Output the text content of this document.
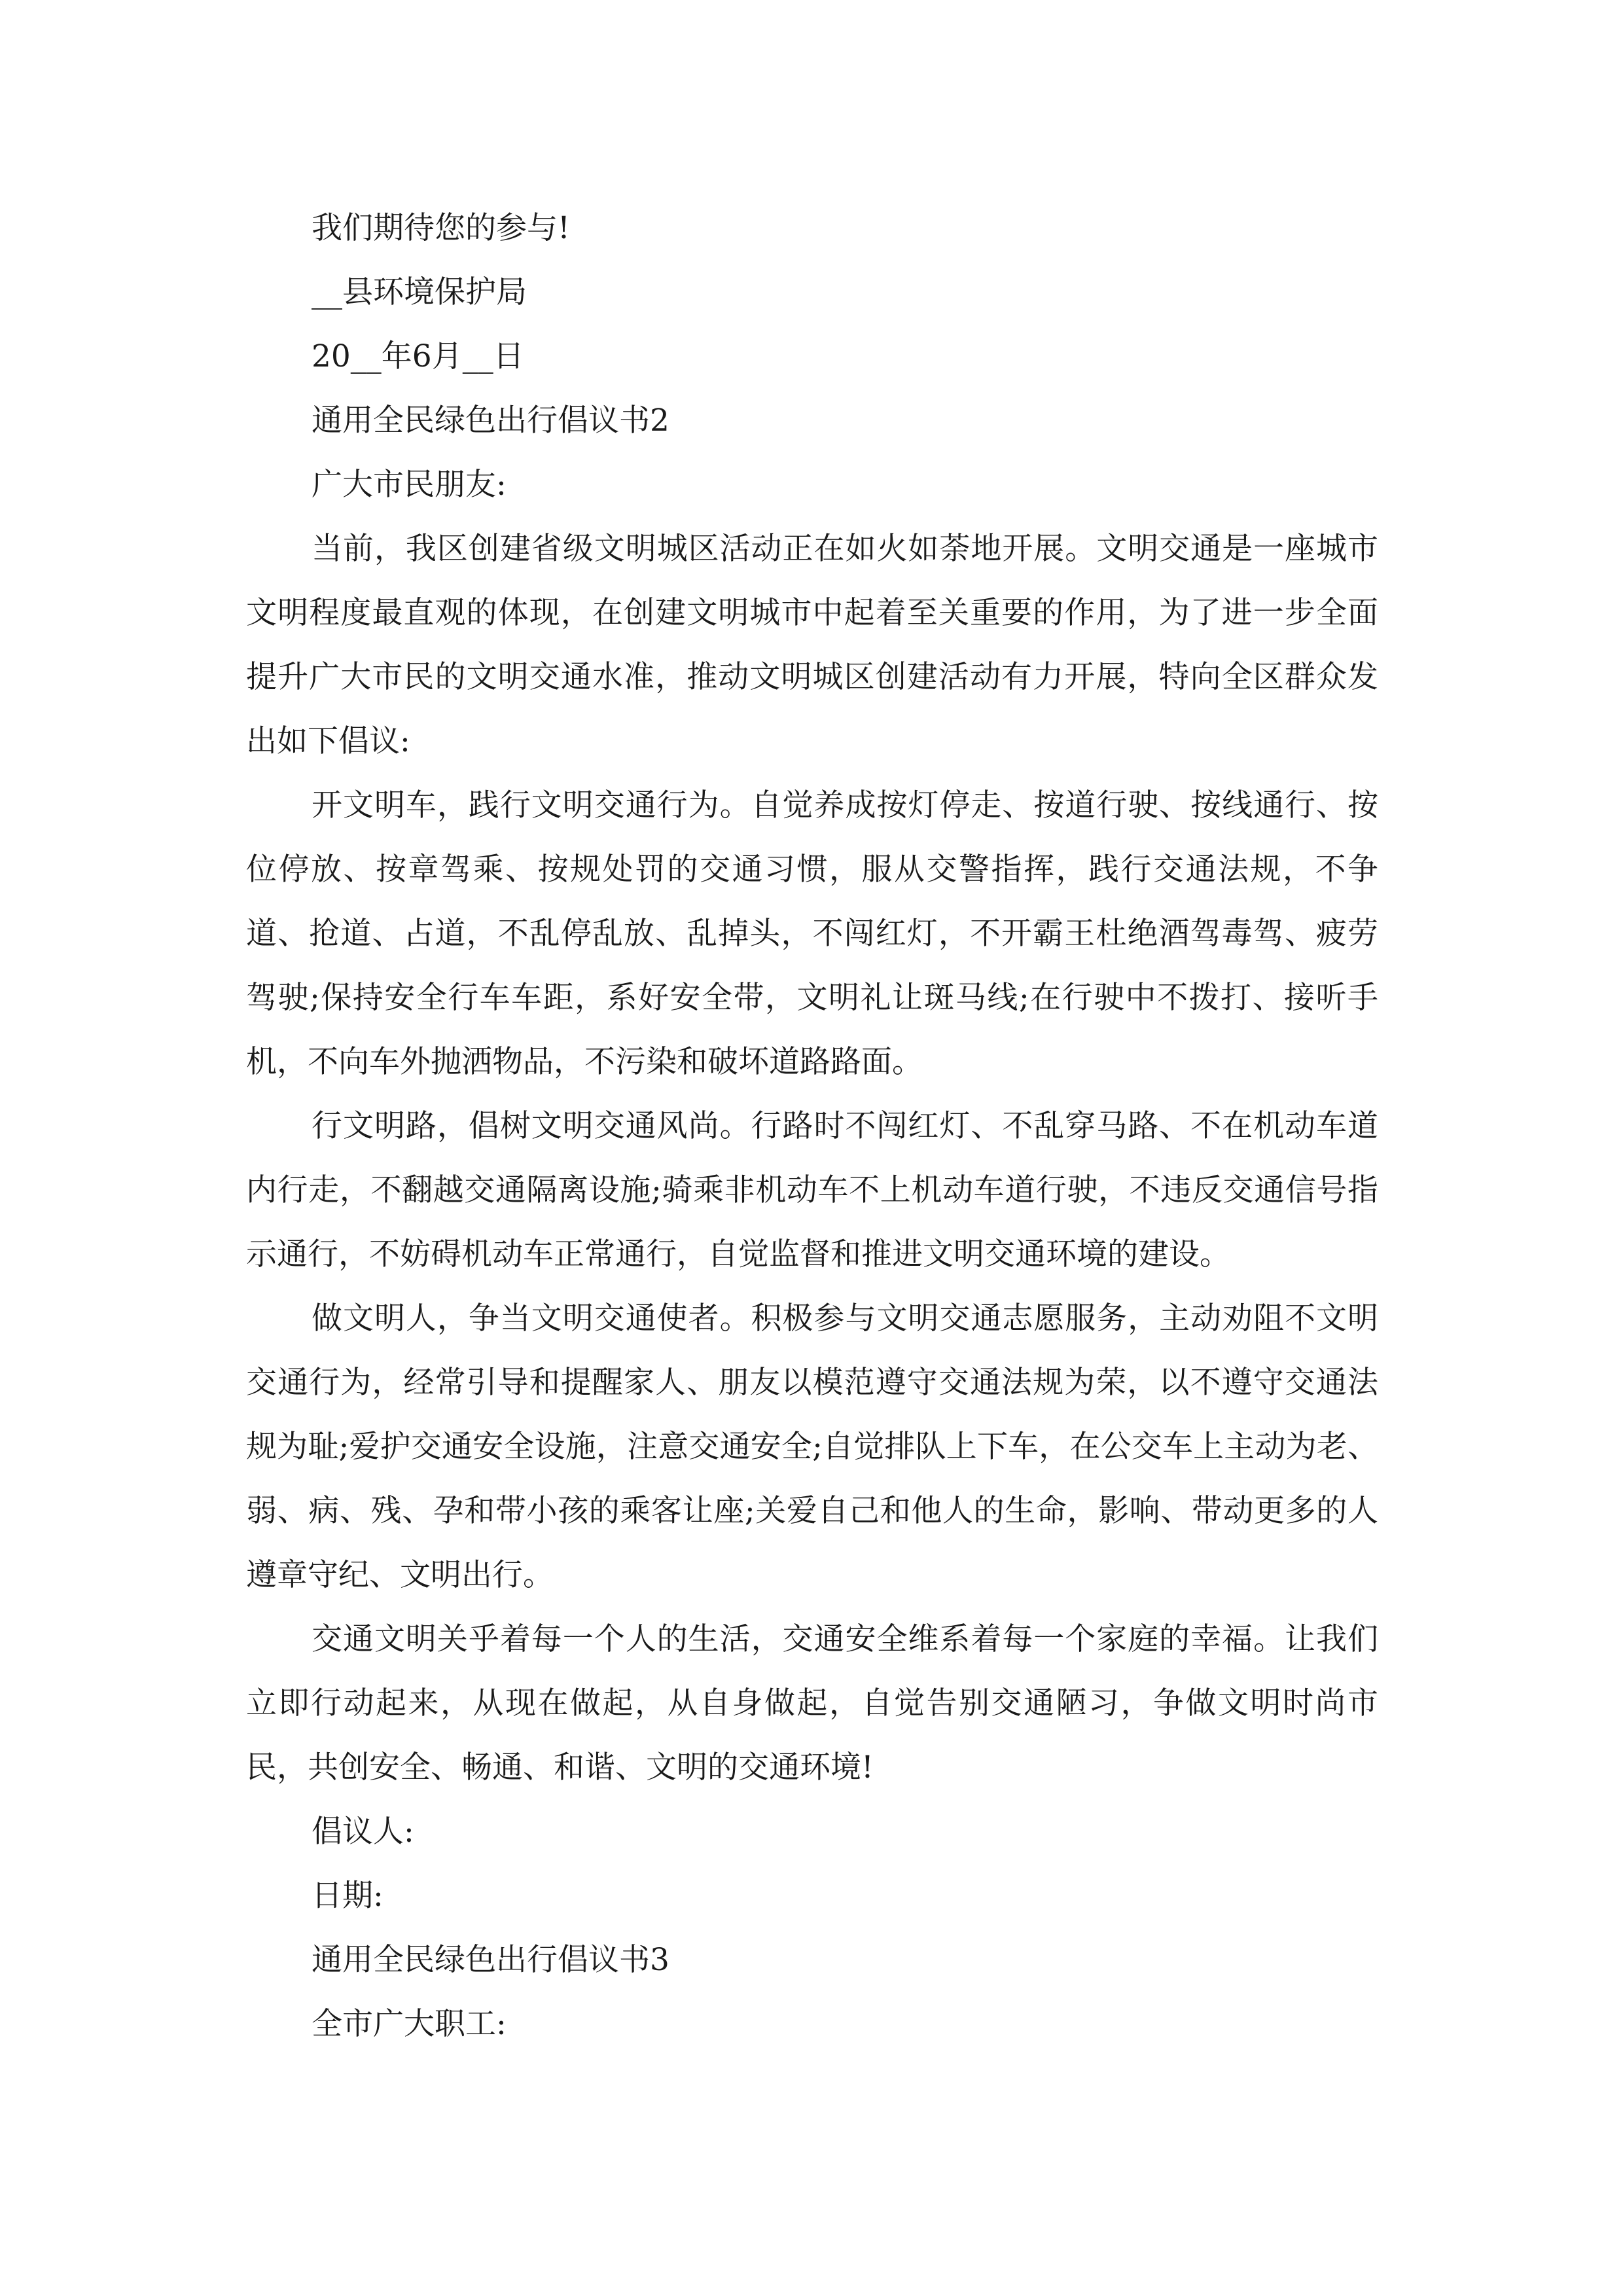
我们期待您的参与!

__县环境保护局

20__年6月__日

通用全民绿色出行倡议书2

广大市民朋友:

当前，我区创建省级文明城区活动正在如火如荼地开展。文明交通是一座城市文明程度最直观的体现，在创建文明城市中起着至关重要的作用，为了进一步全面提升广大市民的文明交通水准，推动文明城区创建活动有力开展，特向全区群众发出如下倡议:

开文明车，践行文明交通行为。自觉养成按灯停走、按道行驶、按线通行、按位停放、按章驾乘、按规处罚的交通习惯，服从交警指挥，践行交通法规，不争道、抢道、占道，不乱停乱放、乱掉头，不闯红灯，不开霸王杜绝酒驾毒驾、疲劳驾驶;保持安全行车车距，系好安全带，文明礼让斑马线;在行驶中不拨打、接听手机，不向车外抛洒物品，不污染和破坏道路路面。

行文明路，倡树文明交通风尚。行路时不闯红灯、不乱穿马路、不在机动车道内行走，不翻越交通隔离设施;骑乘非机动车不上机动车道行驶，不违反交通信号指示通行，不妨碍机动车正常通行，自觉监督和推进文明交通环境的建设。

做文明人，争当文明交通使者。积极参与文明交通志愿服务，主动劝阻不文明交通行为，经常引导和提醒家人、朋友以模范遵守交通法规为荣，以不遵守交通法规为耻;爱护交通安全设施，注意交通安全;自觉排队上下车，在公交车上主动为老、弱、病、残、孕和带小孩的乘客让座;关爱自己和他人的生命，影响、带动更多的人遵章守纪、文明出行。

交通文明关乎着每一个人的生活，交通安全维系着每一个家庭的幸福。让我们立即行动起来，从现在做起，从自身做起，自觉告别交通陋习，争做文明时尚市民，共创安全、畅通、和谐、文明的交通环境!

倡议人:

日期:

通用全民绿色出行倡议书3

全市广大职工:
